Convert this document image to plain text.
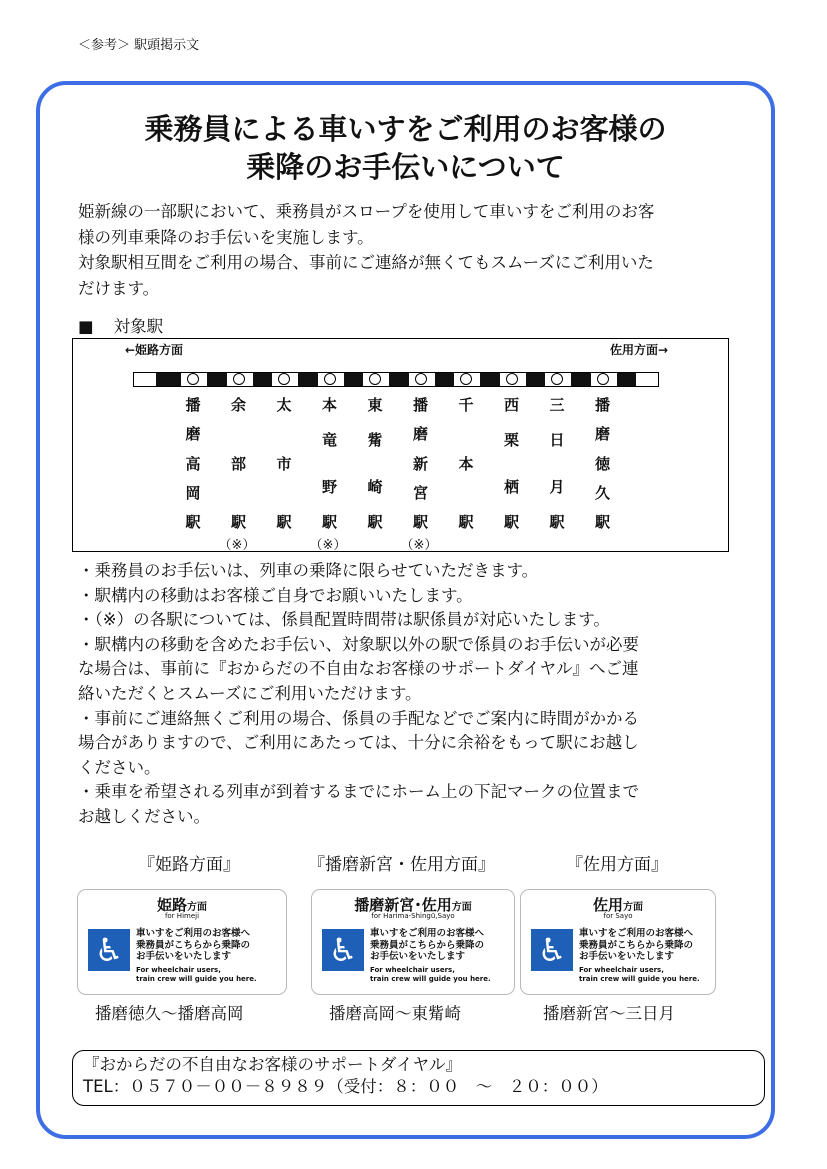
＜参考＞ 駅頭掲示文
乗務員による車いすをご利用のお客様の
乗降のお手伝いについて
姫新線の一部駅において、乗務員がスロープを使用して車いすをご利用のお客
様の列車乗降のお手伝いを実施します。
対象駅相互間をご利用の場合、事前にご連絡が無くてもスムーズにご利用いた
だけます。
■ 対象駅
←姫路方面	佐用方面→
播
磨
高
岡
駅
余
部
駅
（※）
太
市
駅
本
竜
野
駅
（※）
東
觜
崎
駅
播
磨
新
宮
駅
（※）
千
本
駅
西
栗
栖
駅
三
日
月
駅
播
磨
徳
久
駅
・乗務員のお手伝いは、列車の乗降に限らせていただきます。
・駅構内の移動はお客様ご自身でお願いいたします。
・（※）の各駅については、係員配置時間帯は駅係員が対応いたします。
・駅構内の移動を含めたお手伝い、対象駅以外の駅で係員のお手伝いが必要
な場合は、事前に『おからだの不自由なお客様のサポートダイヤル』へご連
絡いただくとスムーズにご利用いただけます。
・事前にご連絡無くご利用の場合、係員の手配などでご案内に時間がかかる
場合がありますので、ご利用にあたっては、十分に余裕をもって駅にお越し
ください。
・乗車を希望される列車が到着するまでにホーム上の下記マークの位置まで
お越しください。
『姫路方面』	『播磨新宮・佐用方面』	『佐用方面』
姫路方面
for Himeji
♿	車いすをご利用のお客様へ
乗務員がこちらから乗降の
お手伝いをいたします
For wheelchair users,
train crew will guide you here.
播磨新宮･佐用方面
for Harima-Shingū,Sayo
♿	車いすをご利用のお客様へ
乗務員がこちらから乗降の
お手伝いをいたします
For wheelchair users,
train crew will guide you here.
佐用方面
for Sayo
♿	車いすをご利用のお客様へ
乗務員がこちらから乗降の
お手伝いをいたします
For wheelchair users,
train crew will guide you here.
播磨徳久～播磨高岡	播磨高岡～東觜崎	播磨新宮～三日月
『おからだの不自由なお客様のサポートダイヤル』
TEL：０５７０－００－８９８９（受付：８：００　～　２０：００）
